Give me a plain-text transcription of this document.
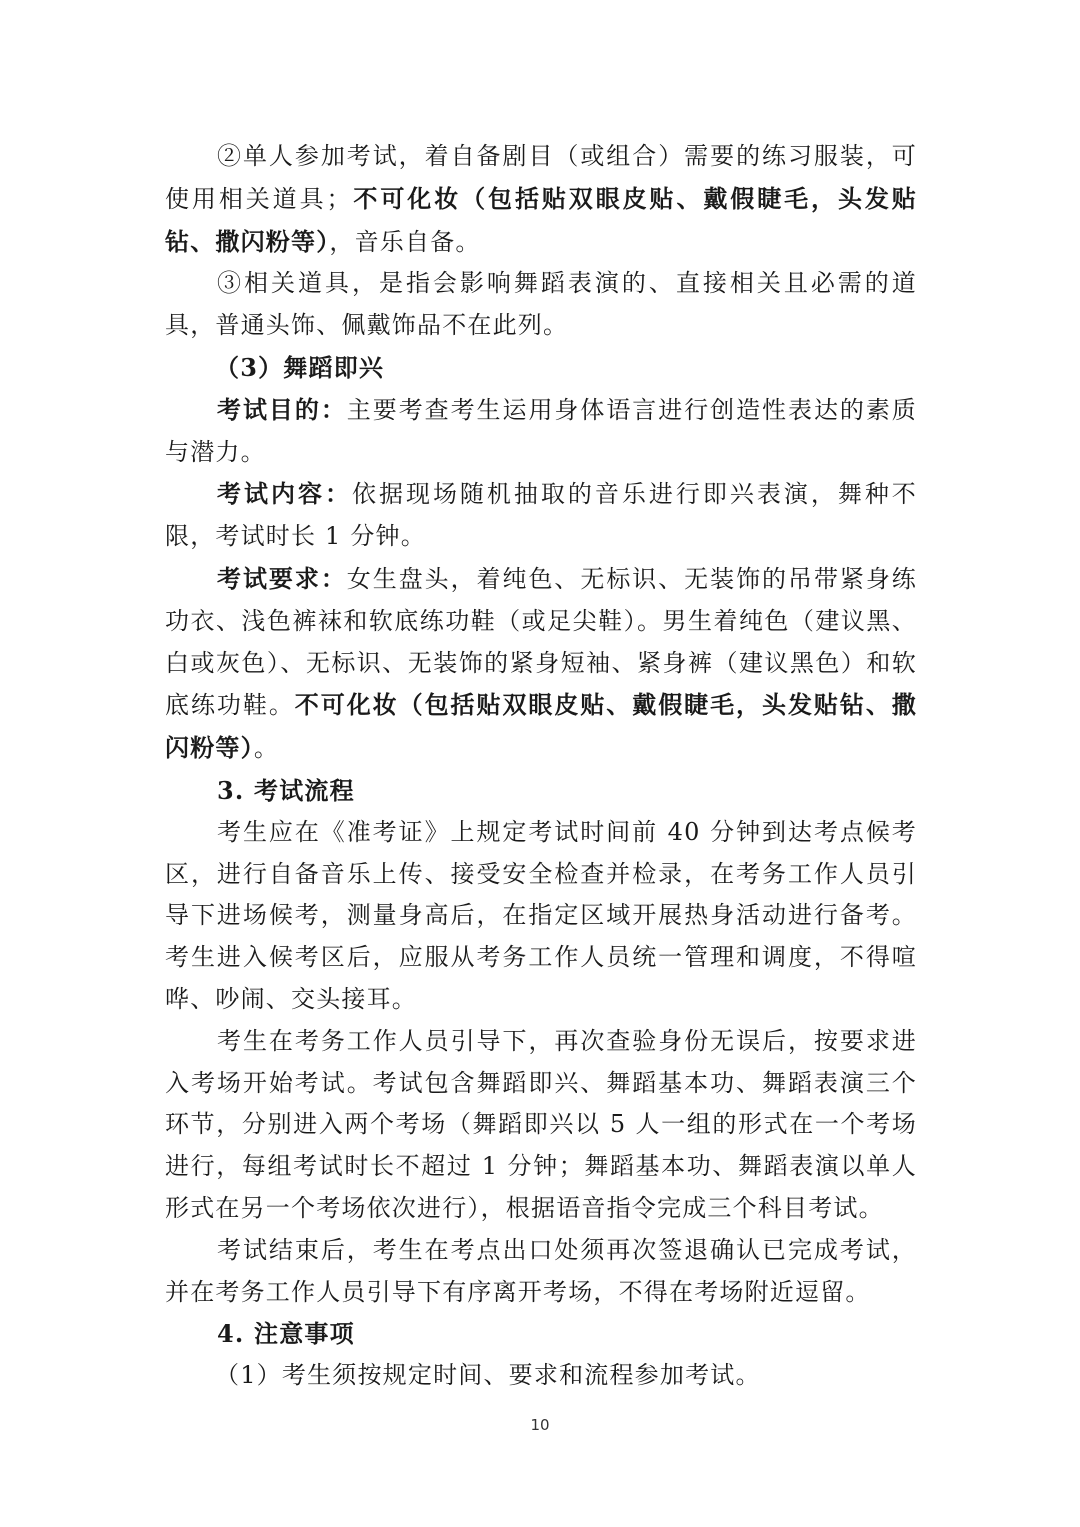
②单人参加考试，着自备剧目（或组合）需要的练习服装，可使用相关道具；不可化妆（包括贴双眼皮贴、戴假睫毛，头发贴钻、撒闪粉等），音乐自备。

③相关道具，是指会影响舞蹈表演的、直接相关且必需的道具，普通头饰、佩戴饰品不在此列。

（3）舞蹈即兴

考试目的：主要考查考生运用身体语言进行创造性表达的素质与潜力。

考试内容：依据现场随机抽取的音乐进行即兴表演，舞种不限，考试时长 1 分钟。

考试要求：女生盘头，着纯色、无标识、无装饰的吊带紧身练功衣、浅色裤袜和软底练功鞋（或足尖鞋）。男生着纯色（建议黑、白或灰色）、无标识、无装饰的紧身短袖、紧身裤（建议黑色）和软底练功鞋。不可化妆（包括贴双眼皮贴、戴假睫毛，头发贴钻、撒闪粉等）。

3. 考试流程

考生应在《准考证》上规定考试时间前 40 分钟到达考点候考区，进行自备音乐上传、接受安全检查并检录，在考务工作人员引导下进场候考，测量身高后，在指定区域开展热身活动进行备考。考生进入候考区后，应服从考务工作人员统一管理和调度，不得喧哗、吵闹、交头接耳。

考生在考务工作人员引导下，再次查验身份无误后，按要求进入考场开始考试。考试包含舞蹈即兴、舞蹈基本功、舞蹈表演三个环节，分别进入两个考场（舞蹈即兴以 5 人一组的形式在一个考场进行，每组考试时长不超过 1 分钟；舞蹈基本功、舞蹈表演以单人形式在另一个考场依次进行），根据语音指令完成三个科目考试。

考试结束后，考生在考点出口处须再次签退确认已完成考试，并在考务工作人员引导下有序离开考场，不得在考场附近逗留。

4. 注意事项

（1）考生须按规定时间、要求和流程参加考试。

10
